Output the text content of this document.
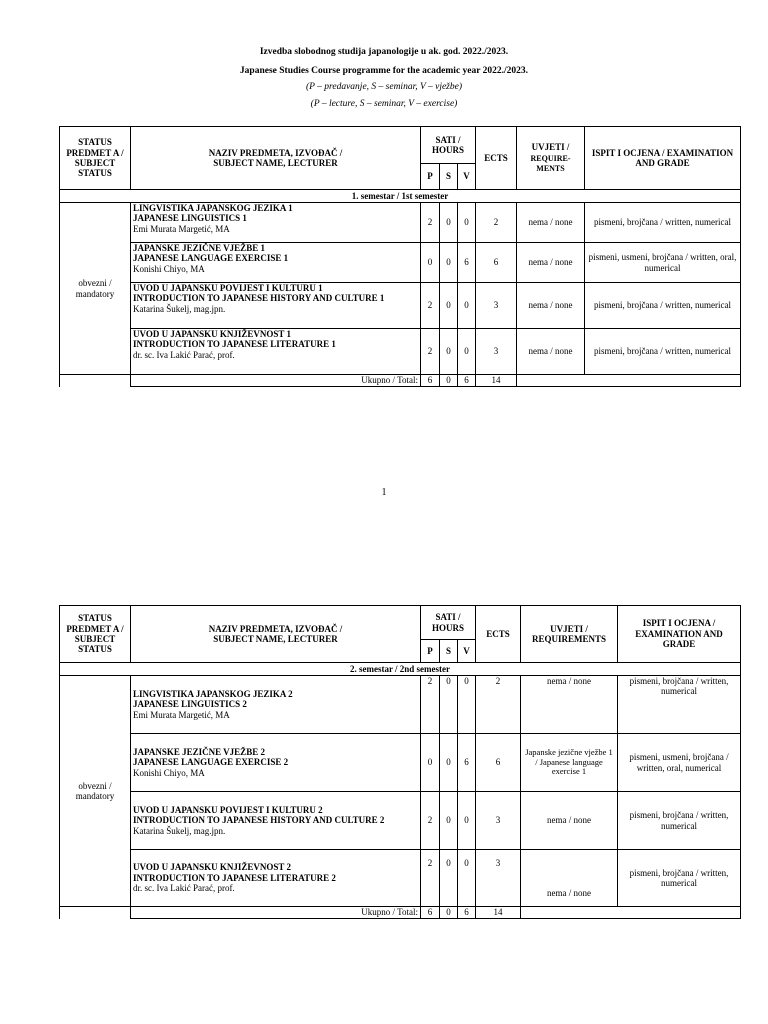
Izvedba slobodnog studija japanologije u ak. god. 2022./2023.
Japanese Studies Course programme for the academic year 2022./2023.
(P – predavanje, S – seminar, V – vježbe)
(P – lecture, S – seminar, V – exercise)
STATUS PREDMET A / SUBJECT STATUS	NAZIV PREDMETA, IZVOĐAČ /
SUBJECT NAME, LECTURER	SATI / HOURS			ECTS	UVJETI /
REQUIRE- MENTS	ISPIT I OCJENA / EXAMINATION AND GRADE
		P	S	V			
1. semestar / 1st semester							
obvezni / mandatory	LINGVISTIKA JAPANSKOG JEZIKA 1
JAPANESE LINGUISTICS 1
Emi Murata Margetić, MA	2	0	0	2	nema / none	pismeni, brojčana / written, numerical

	JAPANSKE JEZIČNE VJEŽBE 1
JAPANESE LANGUAGE EXERCISE 1
Konishi Chiyo, MA	0	0	6	6	nema / none	pismeni, usmeni, brojčana / written, oral, numerical

	UVOD U JAPANSKU POVIJEST I KULTURU 1
INTRODUCTION TO JAPANESE HISTORY AND CULTURE 1
Katarina Šukelj, mag.jpn.	2	0	0	3	nema / none	pismeni, brojčana / written, numerical

	UVOD U JAPANSKU KNJIŽEVNOST 1
INTRODUCTION TO JAPANESE LITERATURE 1
dr. sc. Iva Lakić Parać, prof.	2	0	0	3	nema / none	pismeni, brojčana / written, numerical
	Ukupno / Total:	6	0	6	14		
1
STATUS PREDMET A / SUBJECT STATUS	NAZIV PREDMETA, IZVOĐAČ /
SUBJECT NAME, LECTURER	SATI / HOURS			ECTS	UVJETI / REQUIREMENTS	ISPIT I OCJENA / EXAMINATION AND GRADE
		P	S	V			
2. semestar / 2nd semester							
obvezni / mandatory	LINGVISTIKA JAPANSKOG JEZIKA 2
JAPANESE LINGUISTICS 2
Emi Murata Margetić, MA	2	0	0	2	nema / none	pismeni, brojčana / written, numerical

	JAPANSKE JEZIČNE VJEŽBE 2
JAPANESE LANGUAGE EXERCISE 2
Konishi Chiyo, MA	0	0	6	6	Japanske jezične vježbe 1 / Japanese language exercise 1	pismeni, usmeni, brojčana / written, oral, numerical

	UVOD U JAPANSKU POVIJEST I KULTURU 2
INTRODUCTION TO JAPANESE HISTORY AND CULTURE 2
Katarina Šukelj, mag.jpn.	2	0	0	3	nema / none	pismeni, brojčana / written, numerical

	UVOD U JAPANSKU KNJIŽEVNOST 2
INTRODUCTION TO JAPANESE LITERATURE 2
dr. sc. Iva Lakić Parać, prof.	2	0	0	3	nema / none	pismeni, brojčana / written, numerical
	Ukupno / Total:	6	0	6	14		
